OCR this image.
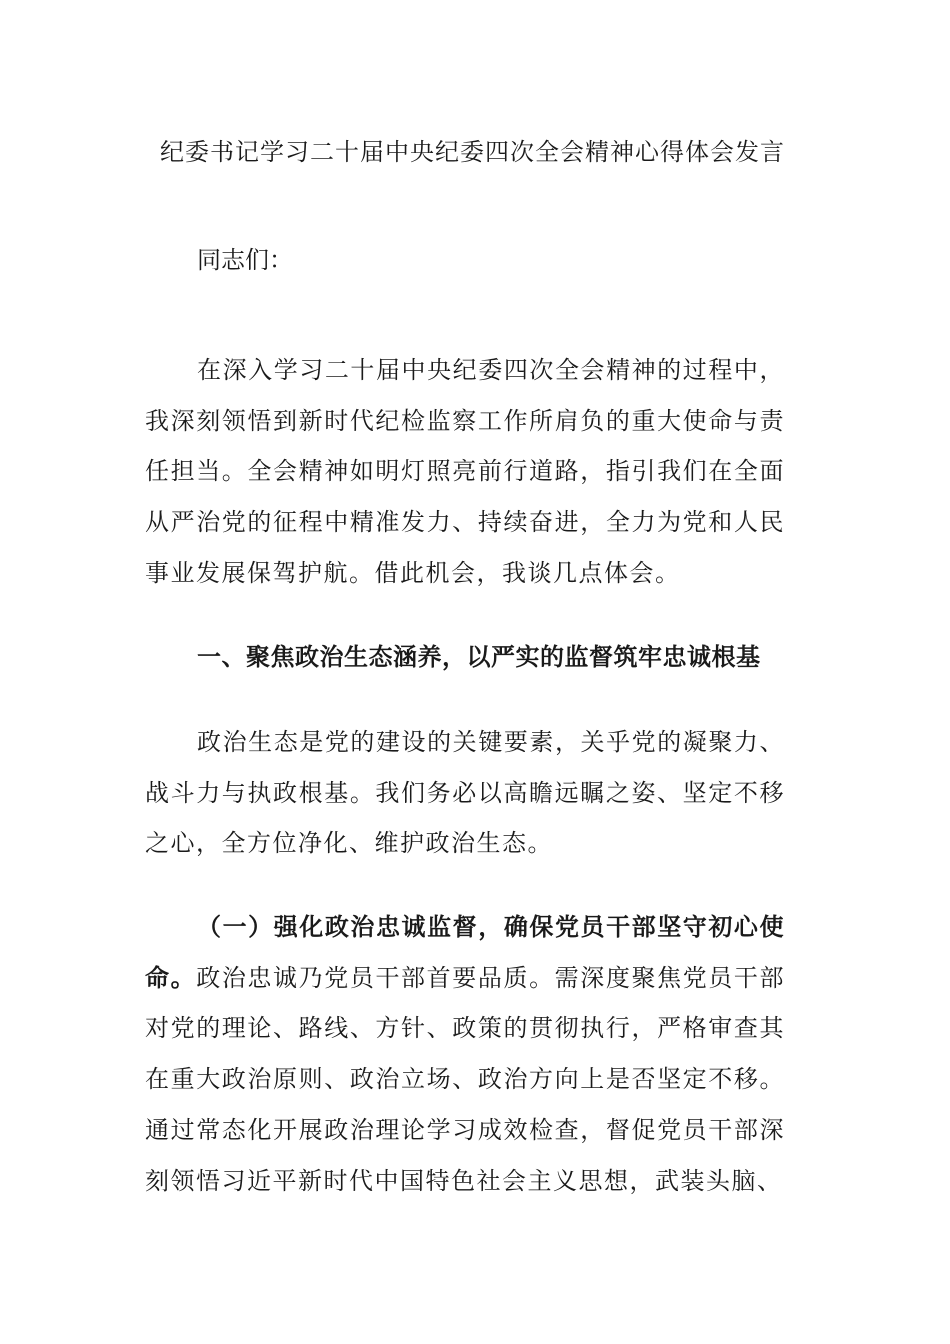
纪委书记学习二十届中央纪委四次全会精神心得体会发言

同志们：

在深入学习二十届中央纪委四次全会精神的过程中，我深刻领悟到新时代纪检监察工作所肩负的重大使命与责任担当。全会精神如明灯照亮前行道路，指引我们在全面从严治党的征程中精准发力、持续奋进，全力为党和人民事业发展保驾护航。借此机会，我谈几点体会。

一、聚焦政治生态涵养，以严实的监督筑牢忠诚根基

政治生态是党的建设的关键要素，关乎党的凝聚力、战斗力与执政根基。我们务必以高瞻远瞩之姿、坚定不移之心，全方位净化、维护政治生态。

（一）强化政治忠诚监督，确保党员干部坚守初心使命。政治忠诚乃党员干部首要品质。需深度聚焦党员干部对党的理论、路线、方针、政策的贯彻执行，严格审查其在重大政治原则、政治立场、政治方向上是否坚定不移。通过常态化开展政治理论学习成效检查，督促党员干部深刻领悟习近平新时代中国特色社会主义思想，武装头脑、
